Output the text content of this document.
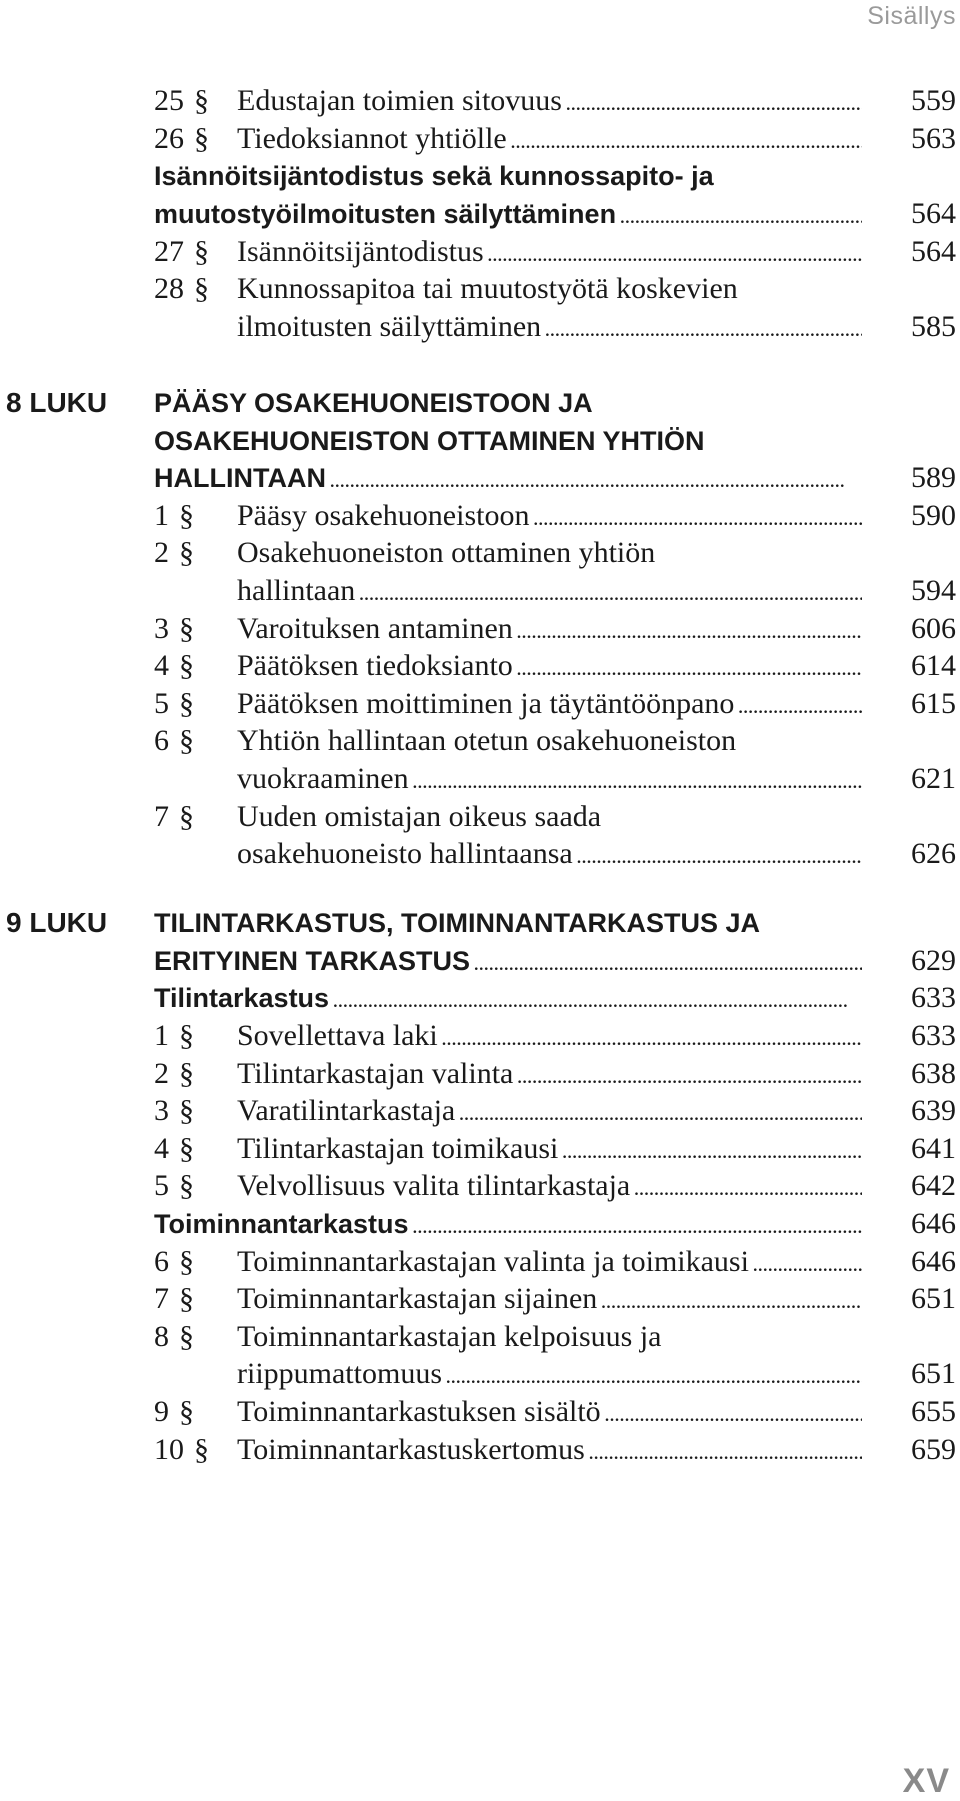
Sisällys
25 § Edustajan toimien sitovuus . . .	559
26 § Tiedoksiannot yhtiölle . . .	563
Isännöitsijäntodistus sekä kunnossapito- ja
muutostyöilmoitusten säilyttäminen . . .	564
27 § Isännöitsijäntodistus . . .	564
28 § Kunnossapitoa tai muutostyötä koskevien
ilmoitusten säilyttäminen . . .	585
8 LUKU PÄÄSY OSAKEHUONEISTOON JA
OSAKEHUONEISTON OTTAMINEN YHTIÖN
HALLINTAAN . . .	589
1 § Pääsy osakehuoneistoon . . .	590
2 § Osakehuoneiston ottaminen yhtiön
hallintaan . . .	594
3 § Varoituksen antaminen . . .	606
4 § Päätöksen tiedoksianto . . .	614
5 § Päätöksen moittiminen ja täytäntöönpano . . .	615
6 § Yhtiön hallintaan otetun osakehuoneiston
vuokraaminen . . .	621
7 § Uuden omistajan oikeus saada
osakehuoneisto hallintaansa . . .	626
9 LUKU TILINTARKASTUS, TOIMINNANTARKASTUS JA
ERITYINEN TARKASTUS . . .	629
Tilintarkastus . . .	633
1 § Sovellettava laki . . .	633
2 § Tilintarkastajan valinta . . .	638
3 § Varatilintarkastaja . . .	639
4 § Tilintarkastajan toimikausi . . .	641
5 § Velvollisuus valita tilintarkastaja . . .	642
Toiminnantarkastus . . .	646
6 § Toiminnantarkastajan valinta ja toimikausi . . .	646
7 § Toiminnantarkastajan sijainen . . .	651
8 § Toiminnantarkastajan kelpoisuus ja
riippumattomuus . . .	651
9 § Toiminnantarkastuksen sisältö . . .	655
10 § Toiminnantarkastuskertomus . . .	659
XV
